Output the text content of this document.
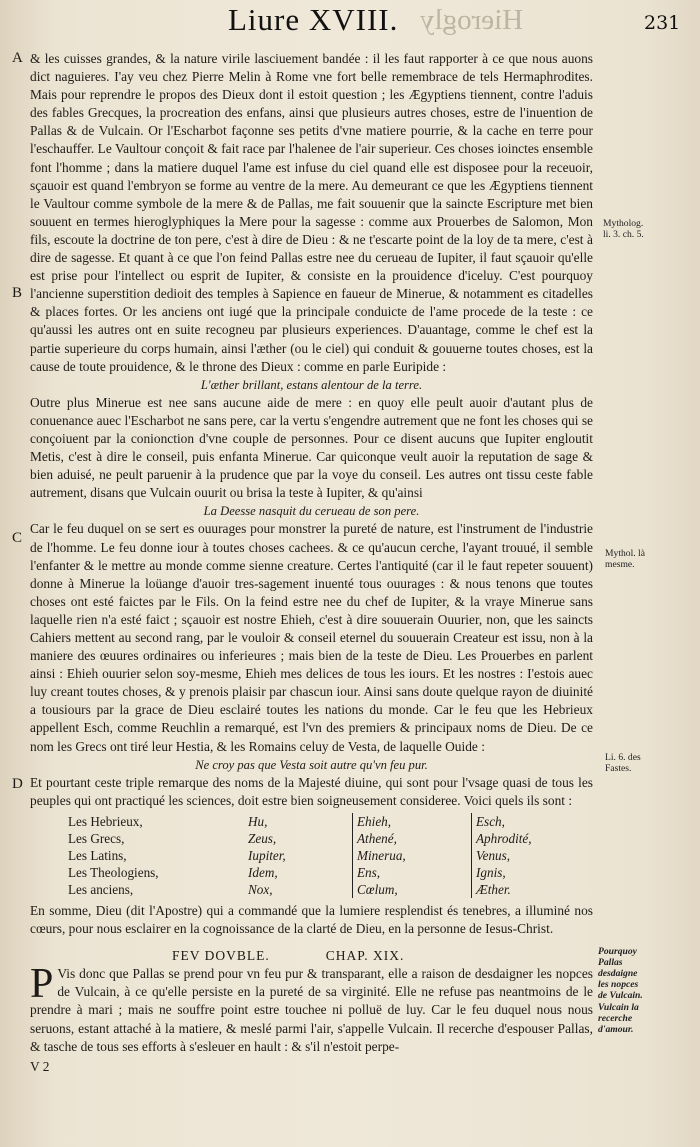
Hierogly
Liure XVIII.	231
A
B
C
D

& les cuisses grandes, & la nature virile lasciuement bandée : il les faut rapporter à ce que nous auons dict naguieres. I'ay veu chez Pierre Melin à Rome vne fort belle remembrace de tels Hermaphrodites. Mais pour reprendre le propos des Dieux dont il estoit question ; les Ægyptiens tiennent, contre l'aduis des fables Grecques, la procreation des enfans, ainsi que plusieurs autres choses, estre de l'inuention de Pallas & de Vulcain. Or l'Escharbot façonne ses petits d'vne matiere pourrie, & la cache en terre pour l'eschauffer. Le Vaultour conçoit & fait race par l'halenee de l'air superieur. Ces choses ioinctes ensemble font l'homme ; dans la matiere duquel l'ame est infuse du ciel quand elle est disposee pour la receuoir, sçauoir est quand l'embryon se forme au ventre de la mere. Au demeurant ce que les Ægyptiens tiennent le Vaultour comme symbole de la mere & de Pallas, me fait souuenir que la saincte Escripture met bien souuent en termes hieroglyphiques la Mere pour la sagesse : comme aux Prouerbes de Salomon, Mon fils, escoute la doctrine de ton pere, c'est à dire de Dieu : & ne t'escarte point de la loy de ta mere, c'est à dire de sagesse. Et quant à ce que l'on feind Pallas estre nee du cerueau de Iupiter, il faut sçauoir qu'elle est prise pour l'intellect ou esprit de Iupiter, & consiste en la prouidence d'iceluy. C'est pourquoy l'ancienne superstition dedioit des temples à Sapience en faueur de Minerue, & notamment es citadelles & places fortes. Or les anciens ont iugé que la principale conduicte de l'ame procede de la teste : ce qu'aussi les autres ont en suite recogneu par plusieurs experiences. D'auantage, comme le chef est la partie superieure du corps humain, ainsi l'æther (ou le ciel) qui conduit & gouuerne toutes choses, est la cause de toute prouidence, & le throne des Dieux : comme en parle Euripide :

L'æther brillant, estans alentour de la terre.

Outre plus Minerue est nee sans aucune aide de mere : en quoy elle peult auoir d'autant plus de conuenance auec l'Escharbot ne sans pere, car la vertu s'engendre autrement que ne font les choses qui se conçoiuent par la conionction d'vne couple de personnes. Pour ce disent aucuns que Iupiter engloutit Metis, c'est à dire le conseil, puis enfanta Minerue. Car quiconque veult auoir la reputation de sage & bien aduisé, ne peult paruenir à la prudence que par la voye du conseil. Les autres ont tissu ceste fable autrement, disans que Vulcain ouurit ou brisa la teste à Iupiter, & qu'ainsi

La Deesse nasquit du cerueau de son pere.

Car le feu duquel on se sert es ouurages pour monstrer la pureté de nature, est l'instrument de l'industrie de l'homme. Le feu donne iour à toutes choses cachees. & ce qu'aucun cerche, l'ayant trouué, il semble l'enfanter & le mettre au monde comme sienne creature. Certes l'antiquité (car il le faut repeter souuent) donne à Minerue la loüange d'auoir tres-sagement inuenté tous ouurages : & nous tenons que toutes choses ont esté faictes par le Fils. On la feind estre nee du chef de Iupiter, & la vraye Minerue sans laquelle rien n'a esté faict ; sçauoir est nostre Ehieh, c'est à dire souuerain Ouurier, non, que les saincts Cahiers mettent au second rang, par le vouloir & conseil eternel du souuerain Createur est issu, non à la maniere des œuures ordinaires ou inferieures ; mais bien de la teste de Dieu. Les Prouerbes en parlent ainsi : Ehieh ouurier selon soy-mesme, Ehieh mes delices de tous les iours. Et les nostres : I'estois auec luy creant toutes choses, & y prenois plaisir par chascun iour. Ainsi sans doute quelque rayon de diuinité a tousiours par la grace de Dieu esclairé toutes les nations du monde. Car le feu que les Hebrieux appellent Esch, comme Reuchlin a remarqué, est l'vn des premiers & principaux noms de Dieu. De ce nom les Grecs ont tiré leur Hestia, & les Romains celuy de Vesta, de laquelle Ouide :

Ne croy pas que Vesta soit autre qu'vn feu pur.

Et pourtant ceste triple remarque des noms de la Majesté diuine, qui sont pour l'vsage quasi de tous les peuples qui ont practiqué les sciences, doit estre bien soigneusement consideree. Voici quels ils sont :

Les Hebrieux,	Hu,	Ehieh,	Esch,
Les Grecs,	Zeus,	Athené,	Aphrodité,
Les Latins,	Iupiter,	Minerua,	Venus,
Les Theologiens,	Idem,	Ens,	Ignis,
Les anciens,	Nox,	Cœlum,	Æther.

En somme, Dieu (dit l'Apostre) qui a commandé que la lumiere resplendist és tenebres, a illuminé nos cœurs, pour nous esclairer en la cognoissance de la clarté de Dieu, en la personne de Iesus-Christ.

FEV DOVBLE.	CHAP. XIX.

P Vis donc que Pallas se prend pour vn feu pur & transparant, elle a raison de desdaigner les nopces de Vulcain, à ce qu'elle persiste en la pureté de sa virginité. Elle ne refuse pas neantmoins de le prendre à mari ; mais ne souffre point estre touchee ni polluë de luy. Car le feu duquel nous nous seruons, estant attaché à la matiere, & meslé parmi l'air, s'appelle Vulcain. Il recerche d'espouser Pallas, & tasche de tous ses efforts à s'esleuer en hault : & s'il n'estoit perpe-

V 2

Mytholog. li. 3. ch. 5.
Mythol. là mesme.
Li. 6. des Fastes.
Pourquoy Pallas desdaigne les nopces de Vulcain.
Vulcain la recerche d'amour.
